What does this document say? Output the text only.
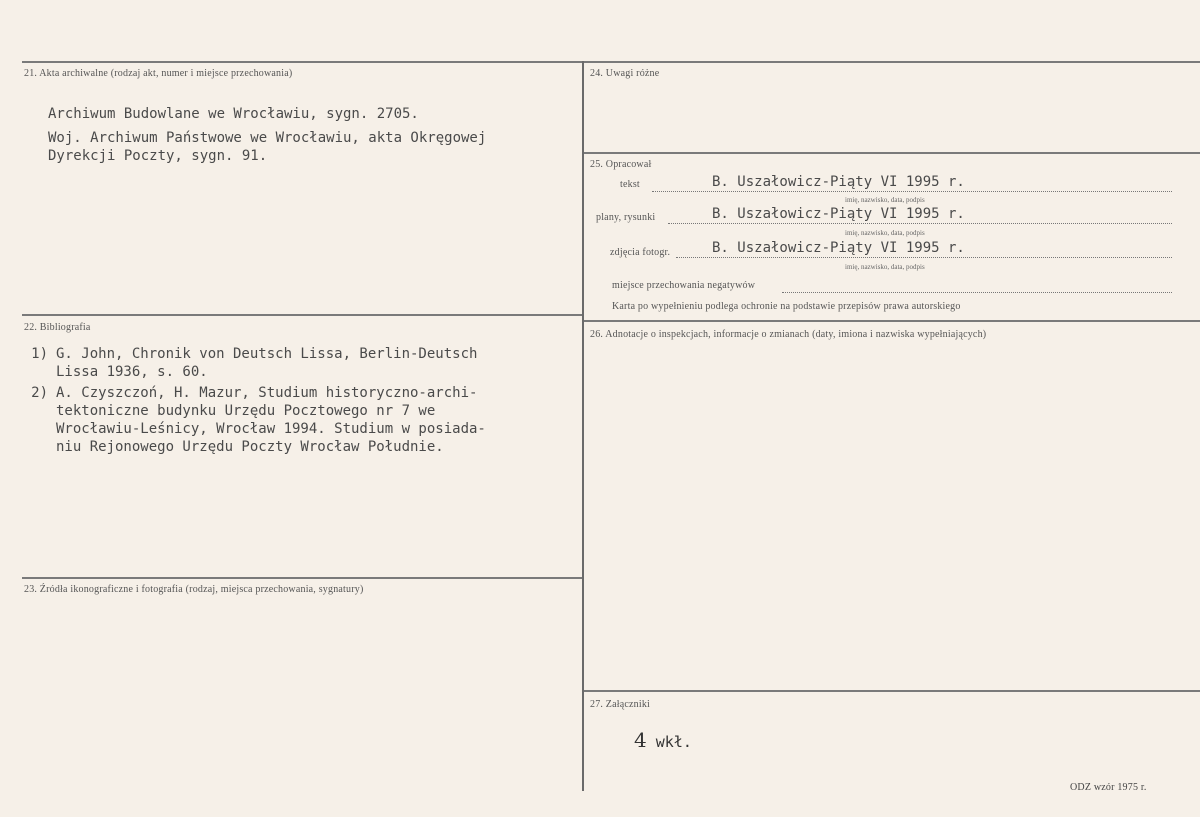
21. Akta archiwalne (rodzaj akt, numer i miejsce przechowania)
Archiwum Budowlane we Wrocławiu, sygn. 2705.
Woj. Archiwum Państwowe we Wrocławiu, akta Okręgowej
Dyrekcji Poczty, sygn. 91.
22. Bibliografia
1) G. John, Chronik von Deutsch Lissa, Berlin-Deutsch
Lissa 1936, s. 60.
2) A. Czyszczoń, H. Mazur, Studium historyczno-archi-
tektoniczne budynku Urzędu Pocztowego nr 7 we
Wrocławiu-Leśnicy, Wrocław 1994. Studium w posiada-
niu Rejonowego Urzędu Poczty Wrocław Południe.
23. Źródła ikonograficzne i fotografia (rodzaj, miejsca przechowania, sygnatury)
24. Uwagi różne
25. Opracował
tekst	B. Uszałowicz-Piąty VI 1995 r.
imię, nazwisko, data, podpis
plany, rysunki	B. Uszałowicz-Piąty VI 1995 r.
imię, nazwisko, data, podpis
zdjęcia fotogr.	B. Uszałowicz-Piąty VI 1995 r.
imię, nazwisko, data, podpis
miejsce przechowania negatywów
Karta po wypełnieniu podlega ochronie na podstawie przepisów prawa autorskiego
26. Adnotacje o inspekcjach, informacje o zmianach (daty, imiona i nazwiska wypełniających)
27. Załączniki
4 wkł.
ODZ wzór 1975 r.
